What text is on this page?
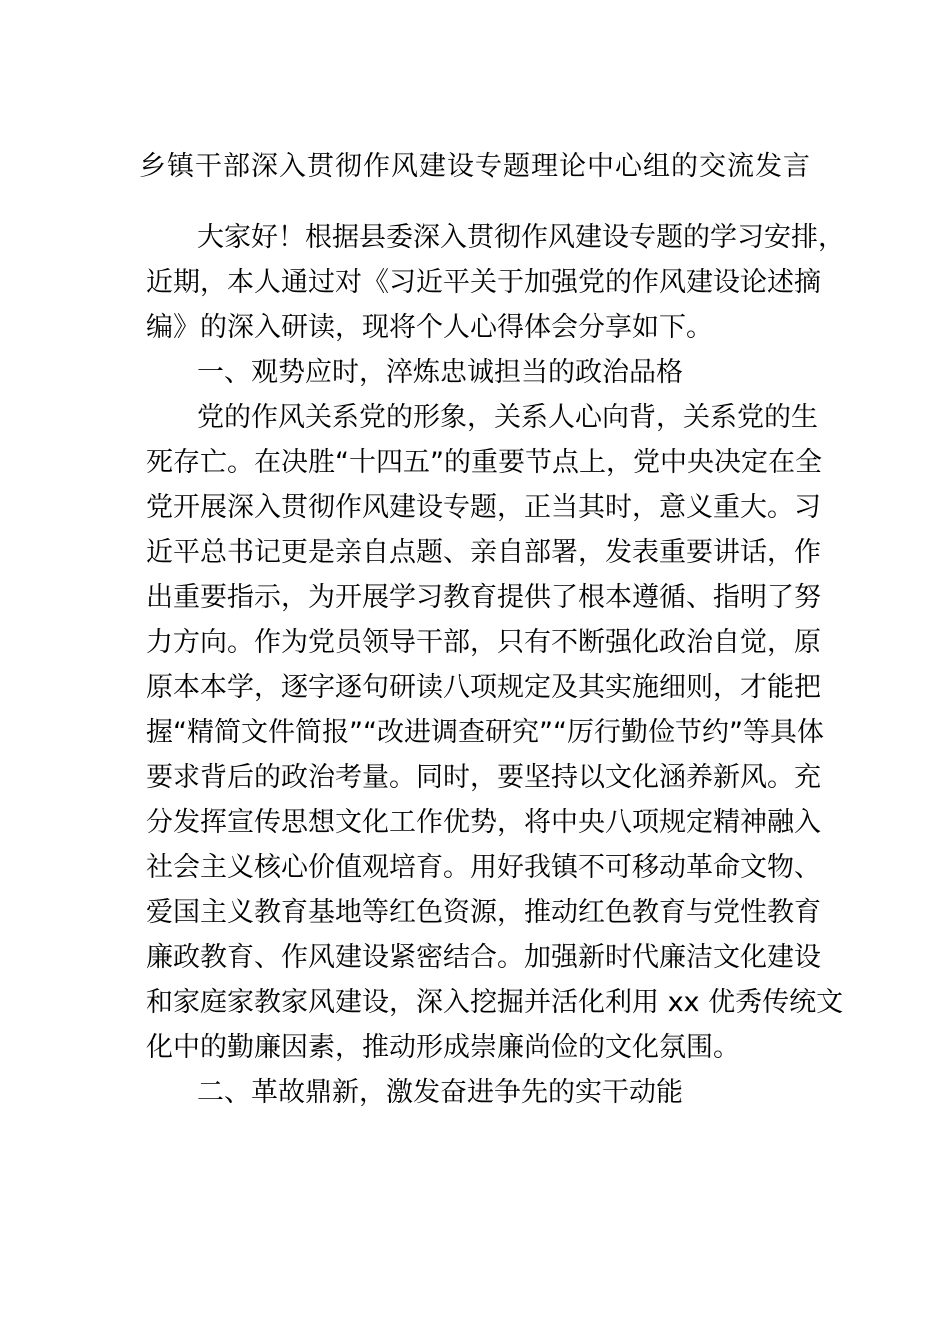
乡镇干部深入贯彻作风建设专题理论中心组的交流发言
大家好！根据县委深入贯彻作风建设专题的学习安排，
近期，本人通过对《习近平关于加强党的作风建设论述摘
编》的深入研读，现将个人心得体会分享如下。
一、观势应时，淬炼忠诚担当的政治品格
党的作风关系党的形象，关系人心向背，关系党的生
死存亡。在决胜“十四五”的重要节点上，党中央决定在全
党开展深入贯彻作风建设专题，正当其时，意义重大。习
近平总书记更是亲自点题、亲自部署，发表重要讲话，作
出重要指示，为开展学习教育提供了根本遵循、指明了努
力方向。作为党员领导干部，只有不断强化政治自觉，原
原本本学，逐字逐句研读八项规定及其实施细则，才能把
握“精简文件简报”“改进调查研究”“厉行勤俭节约”等具体
要求背后的政治考量。同时，要坚持以文化涵养新风。充
分发挥宣传思想文化工作优势，将中央八项规定精神融入
社会主义核心价值观培育。用好我镇不可移动革命文物、
爱国主义教育基地等红色资源，推动红色教育与党性教育
廉政教育、作风建设紧密结合。加强新时代廉洁文化建设
和家庭家教家风建设，深入挖掘并活化利用 xx 优秀传统文
化中的勤廉因素，推动形成崇廉尚俭的文化氛围。
二、革故鼎新，激发奋进争先的实干动能
